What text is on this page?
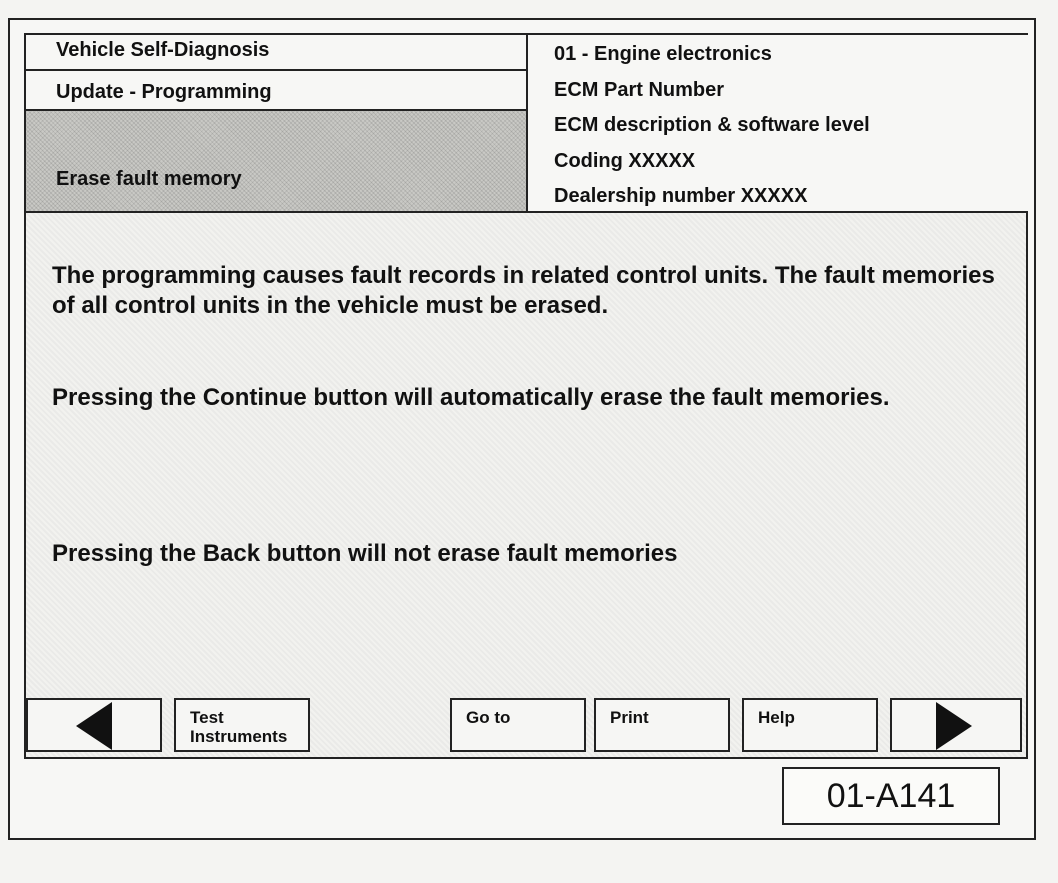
Vehicle Self-Diagnosis
Update - Programming
Erase fault memory
01 - Engine electronics
ECM Part Number
ECM description & software level
Coding XXXXX
Dealership number XXXXX
The programming causes fault records in related control units. The fault memories of all control units in the vehicle must be erased.
Pressing the Continue button will automatically erase the fault memories.
Pressing the Back button will not erase fault memories
Test Instruments
Go to	Print	Help
01-A141
